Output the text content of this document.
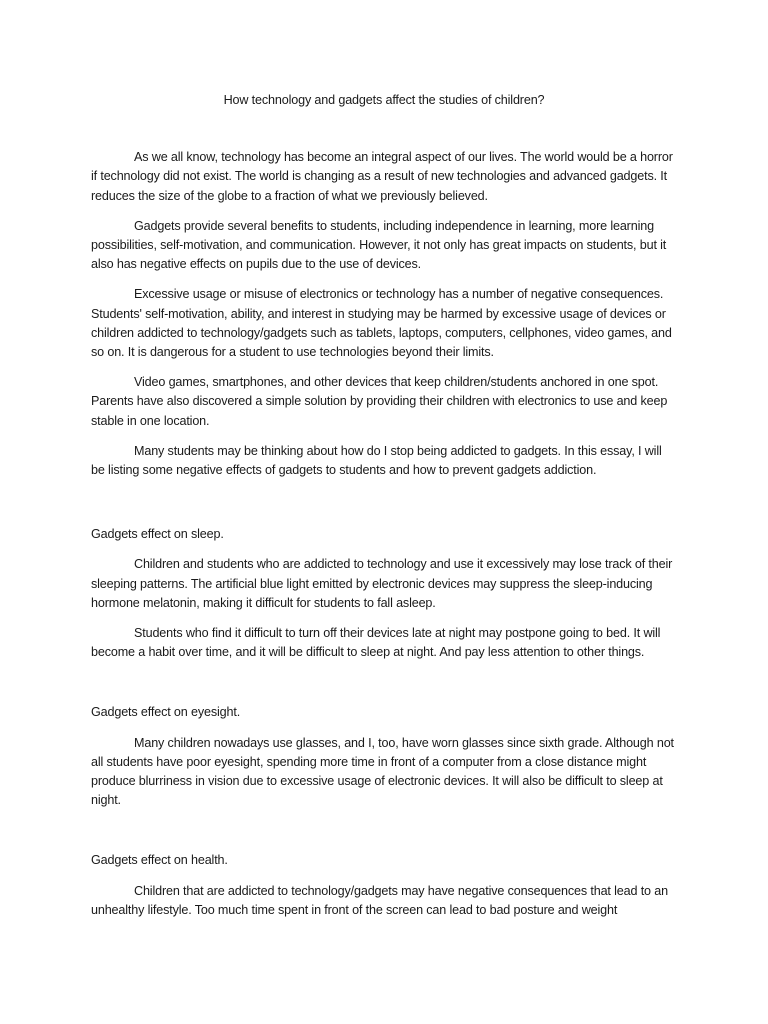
How technology and gadgets affect the studies of children?

As we all know, technology has become an integral aspect of our lives. The world would be a horror if technology did not exist. The world is changing as a result of new technologies and advanced gadgets. It reduces the size of the globe to a fraction of what we previously believed.

Gadgets provide several benefits to students, including independence in learning, more learning possibilities, self-motivation, and communication. However, it not only has great impacts on students, but it also has negative effects on pupils due to the use of devices.

Excessive usage or misuse of electronics or technology has a number of negative consequences. Students' self-motivation, ability, and interest in studying may be harmed by excessive usage of devices or children addicted to technology/gadgets such as tablets, laptops, computers, cellphones, video games, and so on. It is dangerous for a student to use technologies beyond their limits.

Video games, smartphones, and other devices that keep children/students anchored in one spot. Parents have also discovered a simple solution by providing their children with electronics to use and keep stable in one location.

Many students may be thinking about how do I stop being addicted to gadgets. In this essay, I will be listing some negative effects of gadgets to students and how to prevent gadgets addiction.

Gadgets effect on sleep.

Children and students who are addicted to technology and use it excessively may lose track of their sleeping patterns. The artificial blue light emitted by electronic devices may suppress the sleep-inducing hormone melatonin, making it difficult for students to fall asleep.

Students who find it difficult to turn off their devices late at night may postpone going to bed. It will become a habit over time, and it will be difficult to sleep at night. And pay less attention to other things.

Gadgets effect on eyesight.

Many children nowadays use glasses, and I, too, have worn glasses since sixth grade. Although not all students have poor eyesight, spending more time in front of a computer from a close distance might produce blurriness in vision due to excessive usage of electronic devices. It will also be difficult to sleep at night.

Gadgets effect on health.

Children that are addicted to technology/gadgets may have negative consequences that lead to an unhealthy lifestyle. Too much time spent in front of the screen can lead to bad posture and weight
